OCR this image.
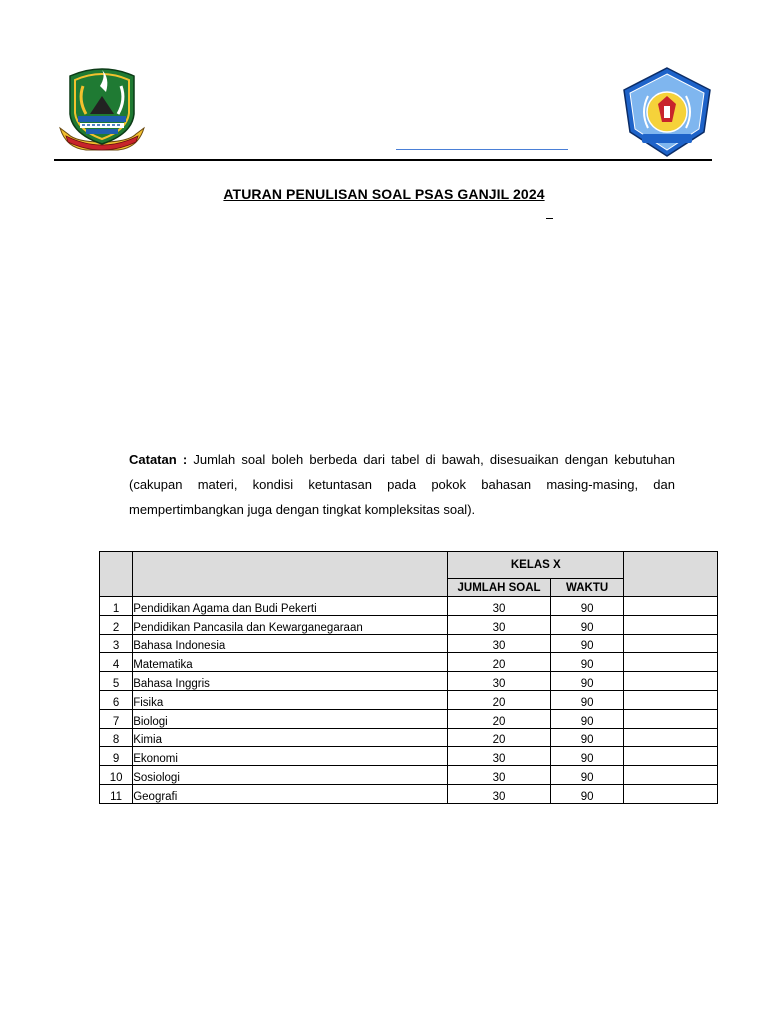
ATURAN PENULISAN SOAL PSAS GANJIL 2024
Catatan : Jumlah soal boleh berbeda dari tabel di bawah, disesuaikan dengan kebutuhan (cakupan materi, kondisi ketuntasan pada pokok bahasan masing-masing, dan mempertimbangkan juga dengan tingkat kompleksitas soal).
		KELAS X		
		JUMLAH SOAL	WAKTU	
1	Pendidikan Agama dan Budi Pekerti	30	90	
2	Pendidikan Pancasila dan Kewarganegaraan	30	90	
3	Bahasa Indonesia	30	90	
4	Matematika	20	90	
5	Bahasa Inggris	30	90	
6	Fisika	20	90	
7	Biologi	20	90	
8	Kimia	20	90	
9	Ekonomi	30	90	
10	Sosiologi	30	90	
11	Geografi	30	90	
